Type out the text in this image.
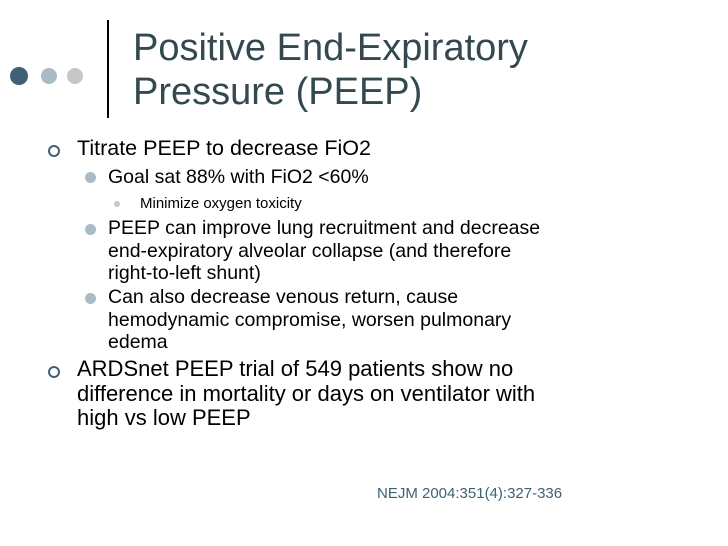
Positive End-Expiratory
Pressure (PEEP)
Titrate PEEP to decrease FiO2
Goal sat 88% with FiO2 <60%
Minimize oxygen toxicity
PEEP can improve lung recruitment and decrease
end-expiratory alveolar collapse (and therefore
right-to-left shunt)
Can also decrease venous return, cause
hemodynamic compromise, worsen pulmonary
edema
ARDSnet PEEP trial of 549 patients show no
difference in mortality or days on ventilator with
high vs low PEEP
NEJM 2004:351(4):327-336
